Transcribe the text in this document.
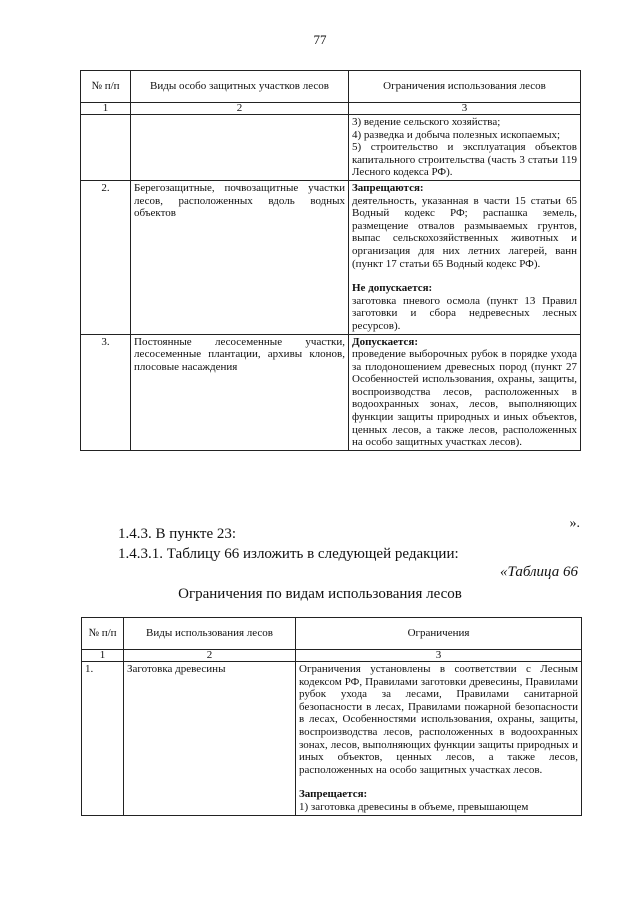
77
№ п/п	Виды особо защитных участков лесов	Ограничения использования лесов
1	2	3

		3) ведение сельского хозяйства;
4) разведка и добыча полезных ископаемых;
5) строительство и эксплуатация объектов капитального строительства (часть 3 статьи 119 Лесного кодекса РФ).

2.	Берегозащитные, почвозащитные участки лесов, расположенных вдоль водных объектов	Запрещаются:
деятельность, указанная в части 15 статьи 65 Водный кодекс РФ; распашка земель, размещение отвалов размываемых грунтов, выпас сельскохозяйственных животных и организация для них летних лагерей, ванн (пункт 17 статьи 65 Водный кодекс РФ).
Не допускается:
заготовка пневого осмола (пункт 13 Правил заготовки и сбора недревесных лесных ресурсов).

3.	Постоянные лесосеменные участки, лесосеменные плантации, архивы клонов, плосовые насаждения	Допускается:
проведение выборочных рубок в порядке ухода за плодоношением древесных пород (пункт 27 Особенностей использования, охраны, защиты, воспроизводства лесов, расположенных в водоохранных зонах, лесов, выполняющих функции защиты природных и иных объектов, ценных лесов, а также лесов, расположенных на особо защитных участках лесов).
».
1.4.3. В пункте 23:
1.4.3.1. Таблицу 66 изложить в следующей редакции:
«Таблица 66
Ограничения по видам использования лесов
№ п/п	Виды использования лесов	Ограничения
1	2	3
1.	Заготовка древесины	Ограничения установлены в соответствии с Лесным кодексом РФ, Правилами заготовки древесины, Правилами рубок ухода за лесами, Правилами санитарной безопасности в лесах, Правилами пожарной безопасности в лесах, Особенностями использования, охраны, защиты, воспроизводства лесов, расположенных в водоохранных зонах, лесов, выполняющих функции защиты природных и иных объектов, ценных лесов, а также лесов, расположенных на особо защитных участках лесов.
Запрещается:
1) заготовка древесины в объеме, превышающем
